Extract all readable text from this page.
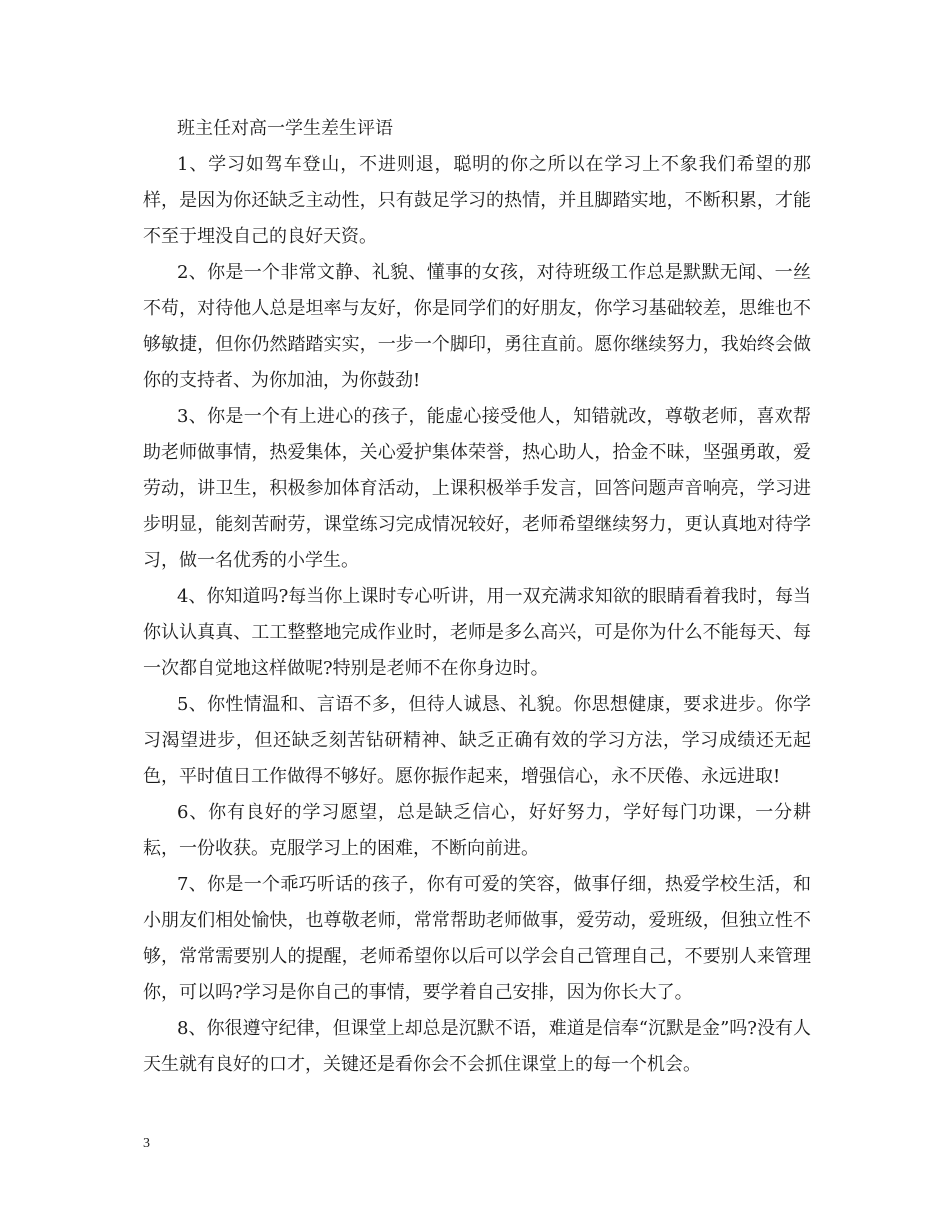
班主任对高一学生差生评语

1、学习如驾车登山，不进则退，聪明的你之所以在学习上不象我们希望的那样，是因为你还缺乏主动性，只有鼓足学习的热情，并且脚踏实地，不断积累，才能不至于埋没自己的良好天资。

2、你是一个非常文静、礼貌、懂事的女孩，对待班级工作总是默默无闻、一丝不苟，对待他人总是坦率与友好，你是同学们的好朋友，你学习基础较差，思维也不够敏捷，但你仍然踏踏实实，一步一个脚印，勇往直前。愿你继续努力，我始终会做你的支持者、为你加油，为你鼓劲!

3、你是一个有上进心的孩子，能虚心接受他人，知错就改，尊敬老师，喜欢帮助老师做事情，热爱集体，关心爱护集体荣誉，热心助人，拾金不昧，坚强勇敢，爱劳动，讲卫生，积极参加体育活动，上课积极举手发言，回答问题声音响亮，学习进步明显，能刻苦耐劳，课堂练习完成情况较好，老师希望继续努力，更认真地对待学习，做一名优秀的小学生。

4、你知道吗?每当你上课时专心听讲，用一双充满求知欲的眼睛看着我时，每当你认认真真、工工整整地完成作业时，老师是多么高兴，可是你为什么不能每天、每一次都自觉地这样做呢?特别是老师不在你身边时。

5、你性情温和、言语不多，但待人诚恳、礼貌。你思想健康，要求进步。你学习渴望进步，但还缺乏刻苦钻研精神、缺乏正确有效的学习方法，学习成绩还无起色，平时值日工作做得不够好。愿你振作起来，增强信心，永不厌倦、永远进取!

6、你有良好的学习愿望，总是缺乏信心，好好努力，学好每门功课，一分耕耘，一份收获。克服学习上的困难，不断向前进。

7、你是一个乖巧听话的孩子，你有可爱的笑容，做事仔细，热爱学校生活，和小朋友们相处愉快，也尊敬老师，常常帮助老师做事，爱劳动，爱班级，但独立性不够，常常需要别人的提醒，老师希望你以后可以学会自己管理自己，不要别人来管理你，可以吗?学习是你自己的事情，要学着自己安排，因为你长大了。

8、你很遵守纪律，但课堂上却总是沉默不语，难道是信奉“沉默是金”吗?没有人天生就有良好的口才，关键还是看你会不会抓住课堂上的每一个机会。

3
